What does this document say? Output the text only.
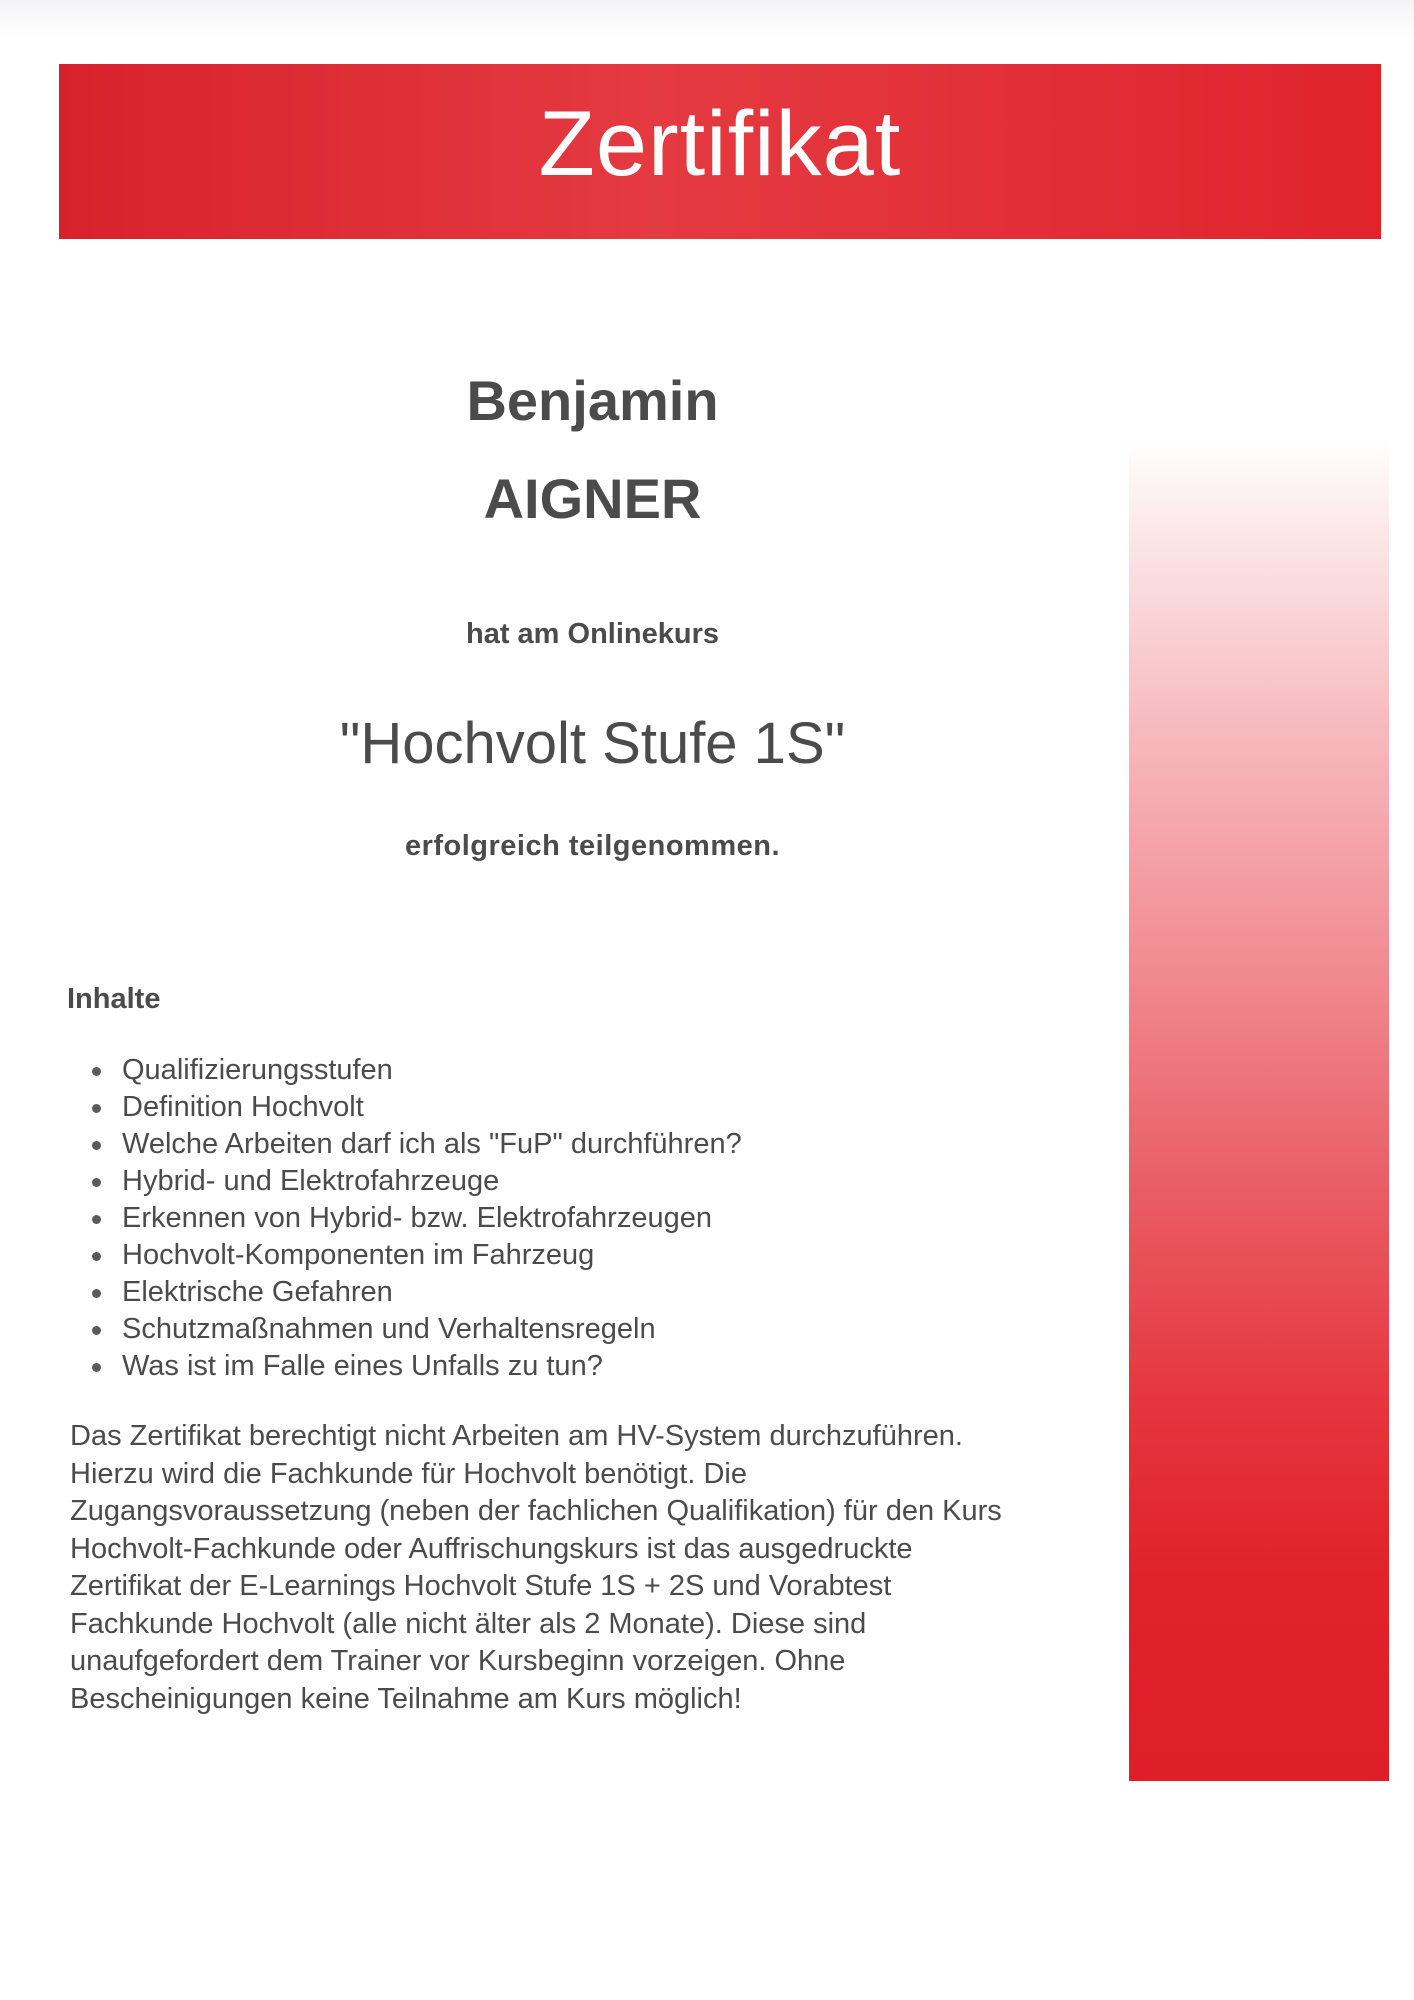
Zertifikat
Benjamin
AIGNER
hat am Onlinekurs
"Hochvolt Stufe 1S"
erfolgreich teilgenommen.
Inhalte
Qualifizierungsstufen
Definition Hochvolt
Welche Arbeiten darf ich als "FuP" durchführen?
Hybrid- und Elektrofahrzeuge
Erkennen von Hybrid- bzw. Elektrofahrzeugen
Hochvolt-Komponenten im Fahrzeug
Elektrische Gefahren
Schutzmaßnahmen und Verhaltensregeln
Was ist im Falle eines Unfalls zu tun?

Das Zertifikat berechtigt nicht Arbeiten am HV-System durchzuführen.
Hierzu wird die Fachkunde für Hochvolt benötigt. Die
Zugangsvoraussetzung (neben der fachlichen Qualifikation) für den Kurs
Hochvolt-Fachkunde oder Auffrischungskurs ist das ausgedruckte
Zertifikat der E-Learnings Hochvolt Stufe 1S + 2S und Vorabtest
Fachkunde Hochvolt (alle nicht älter als 2 Monate). Diese sind
unaufgefordert dem Trainer vor Kursbeginn vorzeigen. Ohne
Bescheinigungen keine Teilnahme am Kurs möglich!
